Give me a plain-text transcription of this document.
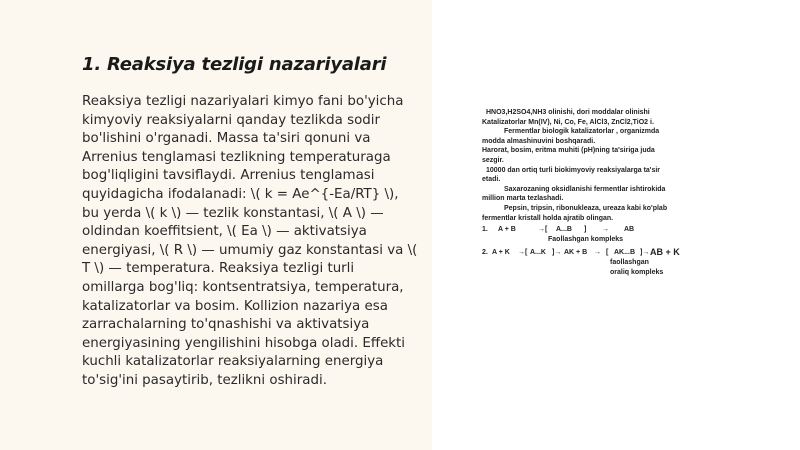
1. Reaksiya tezligi nazariyalari

Reaksiya tezligi nazariyalari kimyo fani bo'yicha kimyoviy reaksiyalarni qanday tezlikda sodir bo'lishini o'rganadi. Massa ta'siri qonuni va Arrenius tenglamasi tezlikning temperaturaga bog'liqligini tavsiflaydi. Arrenius tenglamasi quyidagicha ifodalanadi: \( k = Ae^{-Ea/RT} \), bu yerda \( k \) — tezlik konstantasi, \( A \) — oldindan koeffitsient, \( Ea \) — aktivatsiya energiyasi, \( R \) — umumiy gaz konstantasi va \( T \) — temperatura. Reaksiya tezligi turli omillarga bog'liq: kontsentratsiya, temperatura, katalizatorlar va bosim. Kollizion nazariya esa zarrachalarning to'qnashishi va aktivatsiya energiyasining yengilishini hisobga oladi. Effekti kuchli katalizatorlar reaksiyalarning energiya to'sig'ini pasaytirib, tezlikni oshiradi.

HNO3,H2SO4,NH3 olinishi, dori moddalar olinishi
Katalizatorlar Mn(IV), Ni, Co, Fe, AlCl3, ZnCl2,TiO2 i.
Fermentlar biologik katalizatorlar , organizmda
modda almashinuvini boshqaradi.
Harorat, bosim, eritma muhiti (pH)ning ta'siriga juda
sezgir.
10000 dan ortiq turli biokimyoviy reaksiyalarga ta'sir
etadi.
Saxarozaning oksidlanishi fermentlar ishtirokida
million marta tezlashadi.
Pepsin, tripsin, ribonukleaza, ureaza kabi ko'plab
fermentlar kristall holda ajratib olingan.
1.	A + B	→[	A...B	]	→	AB
Faollashgan kompleks
2. A + K	→[ A...K ]→ AK + B → [ AK...B ]→ AB + K
faollashgan
oraliq kompleks
